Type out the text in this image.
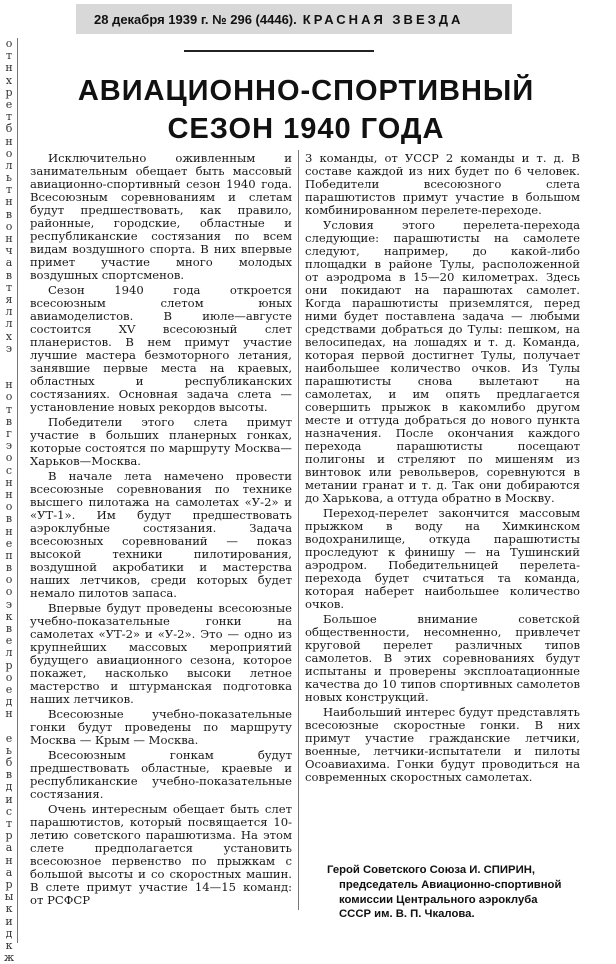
28 декабря 1939 г. № 296 (4446). КРАСНАЯ ЗВЕЗДА
о
т
н
х
р
е
т
б
н
о
л
ь
т
н
в
о
н
ч
а
в
т
я
л
л
х
э
н
о
т
в
г
э
о
с
н
н
о
в
н
е
п
в
о
о
э
к
в
е
л
р
о
е
д
н
е
ь
б
в
д
и
с
т
р
а
н
а
р
ы
к
и
д
к
ж
АВИАЦИОННО-СПОРТИВНЫЙ
СЕЗОН 1940 ГОДА

Исключительно оживленным и занимательным обещает быть массовый авиационно-спортивный сезон 1940 года. Всесоюзным соревнованиям и слетам будут предшествовать, как правило, районные, городские, областные и республиканские состязания по всем видам воздушного спорта. В них впервые примет участие много молодых воздушных спортсменов.

Сезон 1940 года откроется всесоюзным слетом юных авиамоделистов. В июле—августе состоится XV всесоюзный слет планеристов. В нем примут участие лучшие мастера безмоторного летания, занявшие первые места на краевых, областных и республиканских состязаниях. Основная задача слета — установление новых рекордов высоты.

Победители этого слета примут участие в больших планерных гонках, которые состоятся по маршруту Москва—Харьков—Москва.

В начале лета намечено провести всесоюзные соревнования по технике высшего пилотажа на самолетах «У-2» и «УТ-1». Им будут предшествовать аэроклубные состязания. Задача всесоюзных соревнований — показ высокой техники пилотирования, воздушной акробатики и мастерства наших летчиков, среди которых будет немало пилотов запаса.

Впервые будут проведены всесоюзные учебно-показательные гонки на самолетах «УТ-2» и «У-2». Это — одно из крупнейших массовых мероприятий будущего авиационного сезона, которое покажет, насколько высоки летное мастерство и штурманская подготовка наших летчиков.

Всесоюзные учебно-показательные гонки будут проведены по маршруту Москва — Крым — Москва.

Всесоюзным гонкам будут предшествовать областные, краевые и республиканские учебно-показательные состязания.

Очень интересным обещает быть слет парашютистов, который посвящается 10-летию советского парашютизма. На этом слете предполагается установить всесоюзное первенство по прыжкам с большой высоты и со скоростных машин. В слете примут участие 14—15 команд: от РСФСР

3 команды, от УССР 2 команды и т. д. В составе каждой из них будет по 6 человек. Победители всесоюзного слета парашютистов примут участие в большом комбинированном перелете-переходе.

Условия этого перелета-перехода следующие: парашютисты на самолете следуют, например, до какой-либо площадки в районе Тулы, расположенной от аэродрома в 15—20 километрах. Здесь они покидают на парашютах самолет. Когда парашютисты приземлятся, перед ними будет поставлена задача — любыми средствами добраться до Тулы: пешком, на велосипедах, на лошадях и т. д. Команда, которая первой достигнет Тулы, получает наибольшее количество очков. Из Тулы парашютисты снова вылетают на самолетах, и им опять предлагается совершить прыжок в какомлибо другом месте и оттуда добраться до нового пункта назначения. После окончания каждого перехода парашютисты посещают полигоны и стреляют по мишеням из винтовок или револьверов, соревнуются в метании гранат и т. д. Так они добираются до Харькова, а оттуда обратно в Москву.

Переход-перелет закончится массовым прыжком в воду на Химкинском водохранилище, откуда парашютисты проследуют к финишу — на Тушинский аэродром. Победительницей перелета-перехода будет считаться та команда, которая наберет наибольшее количество очков.

Большое внимание советской общественности, несомненно, привлечет круговой перелет различных типов самолетов. В этих соревнованиях будут испытаны и проверены эксплоатационные качества до 10 типов спортивных самолетов новых конструкций.

Наибольший интерес будут представлять всесоюзные скоростные гонки. В них примут участие гражданские летчики, военные, летчики-испытатели и пилоты Осоавиахима. Гонки будут проводиться на современных скоростных самолетах.

Герой Советского Союза И. СПИРИН,
председатель Авиационно-спортивной
комиссии Центрального аэроклуба
СССР им. В. П. Чкалова.
